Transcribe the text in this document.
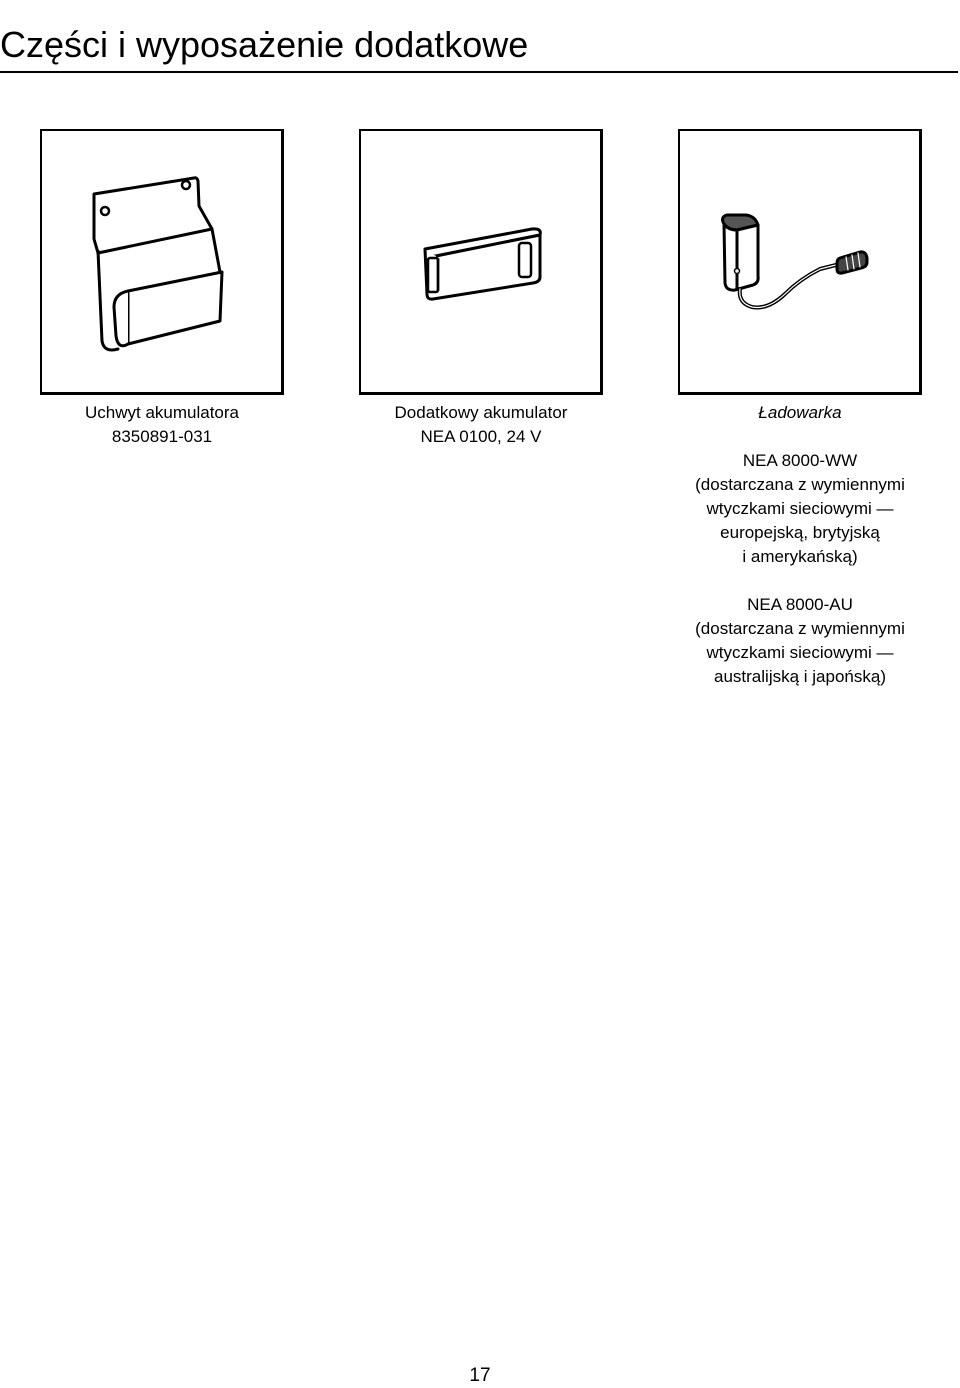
Części i wyposażenie dodatkowe
Uchwyt akumulatora
8350891-031
Dodatkowy akumulator
NEA 0100, 24 V
Ładowarka
NEA 8000-WW
(dostarczana z wymiennymi
wtyczkami sieciowymi —
europejską, brytyjską
i amerykańską)
NEA 8000-AU
(dostarczana z wymiennymi
wtyczkami sieciowymi —
australijską i japońską)
17
